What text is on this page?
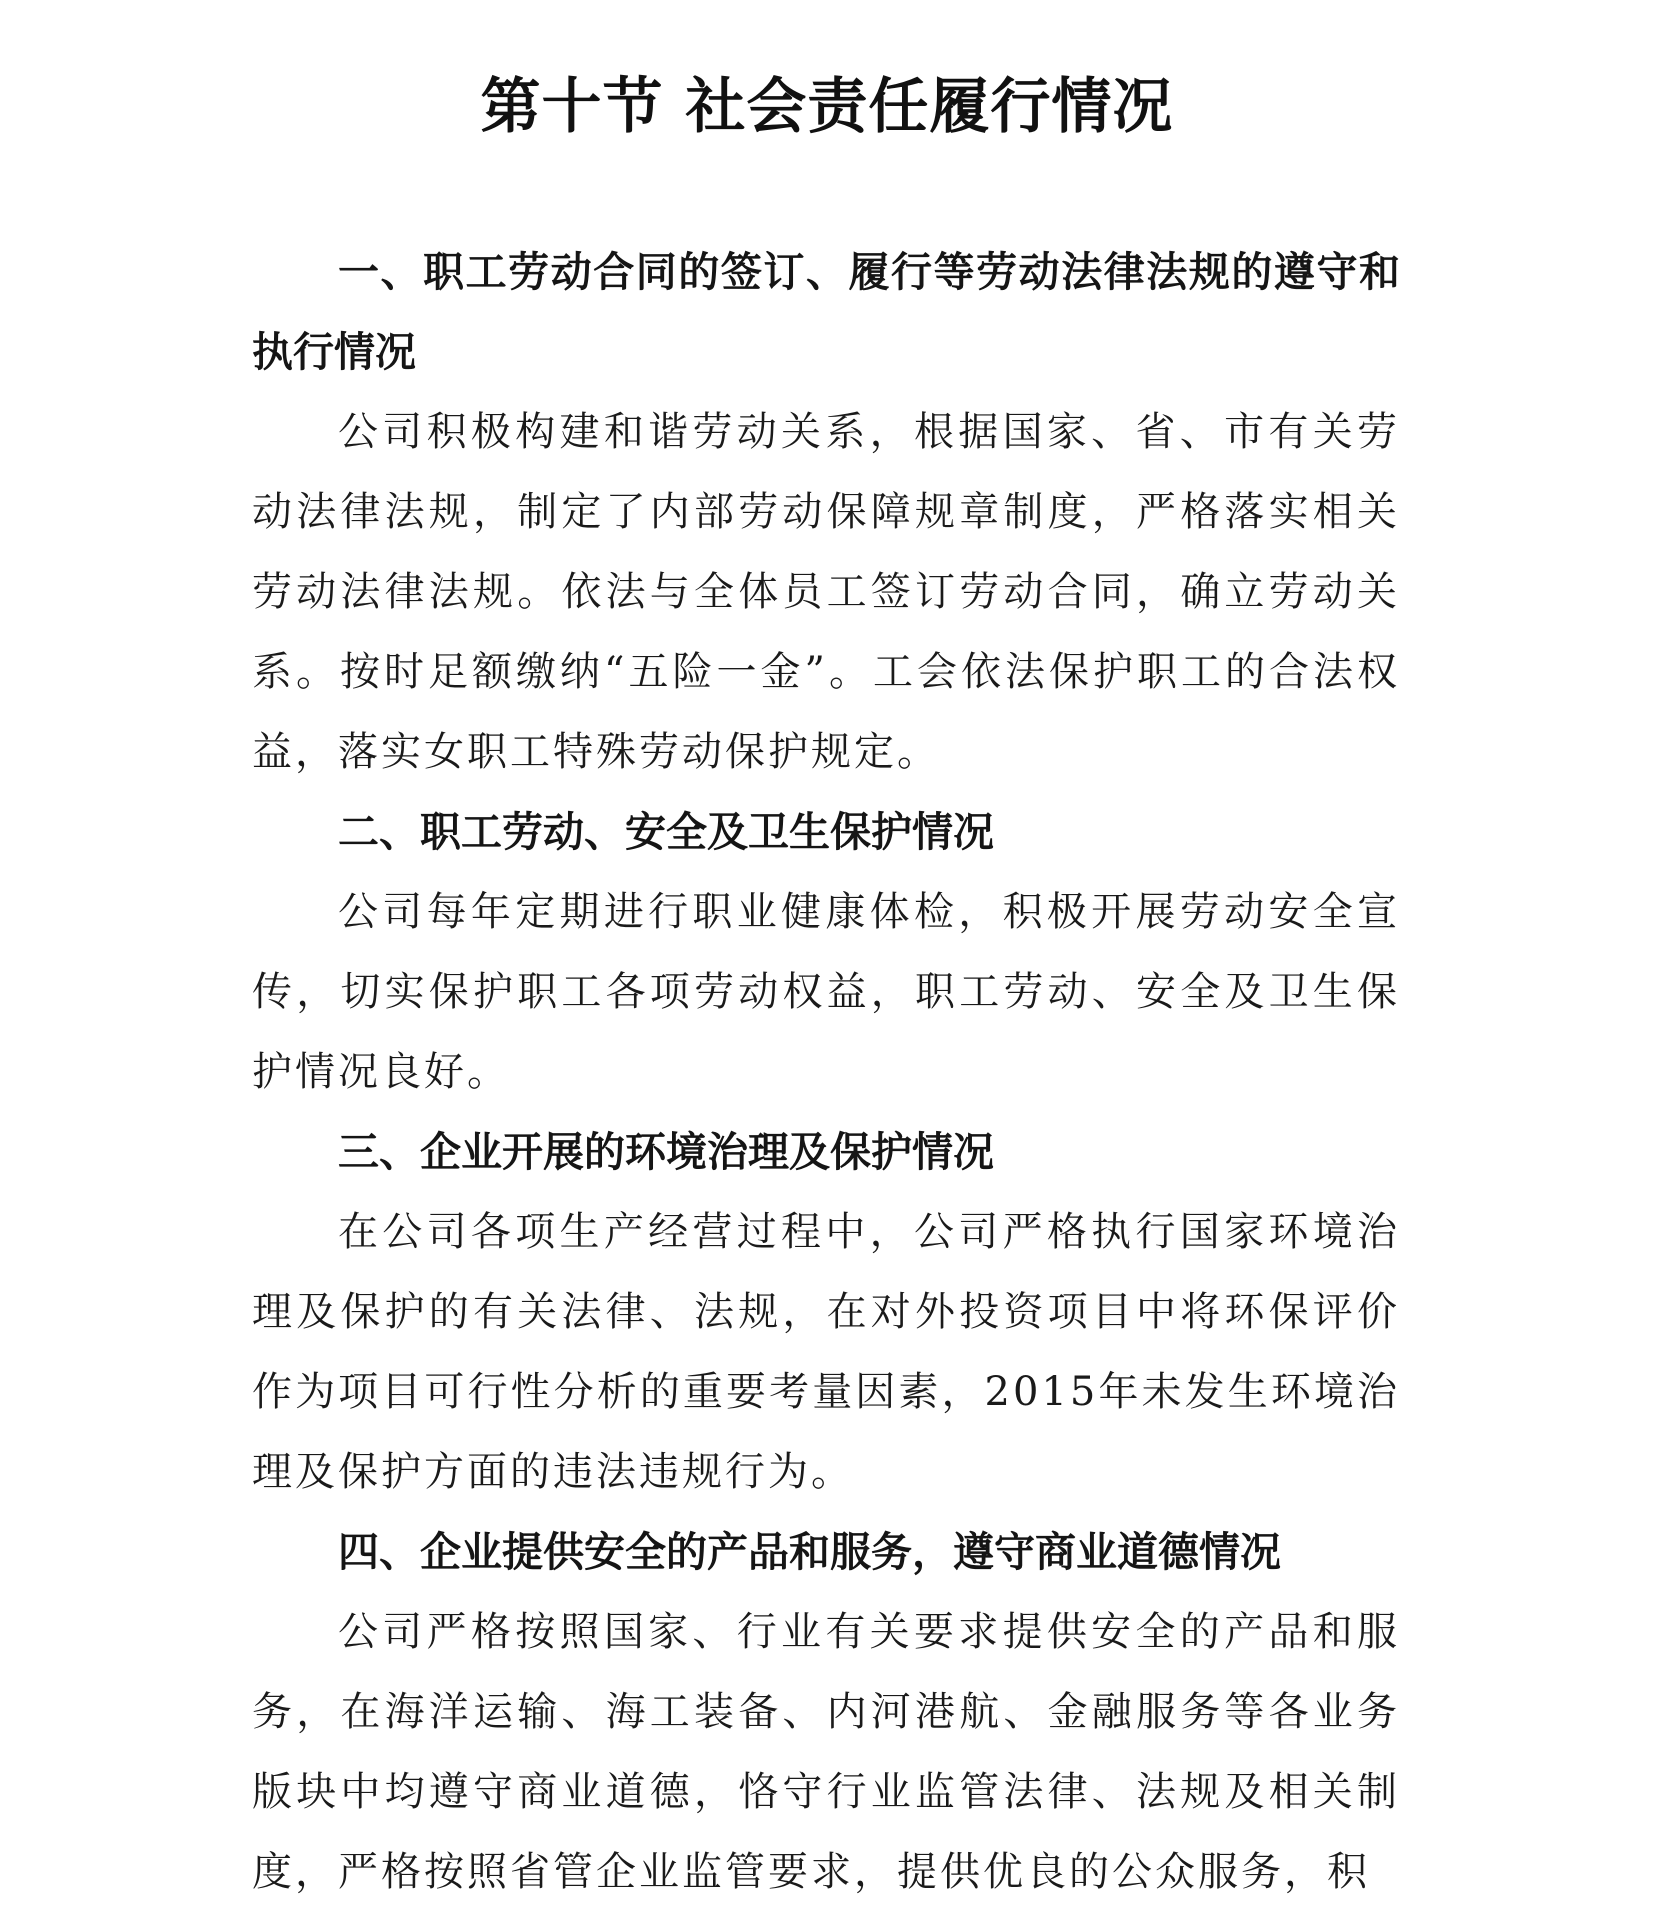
第十节 社会责任履行情况

一、职工劳动合同的签订、履行等劳动法律法规的遵守和执行情况

公司积极构建和谐劳动关系，根据国家、省、市有关劳动法律法规，制定了内部劳动保障规章制度，严格落实相关劳动法律法规。依法与全体员工签订劳动合同，确立劳动关系。按时足额缴纳“五险一金”。工会依法保护职工的合法权益，落实女职工特殊劳动保护规定。

二、职工劳动、安全及卫生保护情况

公司每年定期进行职业健康体检，积极开展劳动安全宣传，切实保护职工各项劳动权益，职工劳动、安全及卫生保护情况良好。

三、企业开展的环境治理及保护情况

在公司各项生产经营过程中，公司严格执行国家环境治理及保护的有关法律、法规，在对外投资项目中将环保评价作为项目可行性分析的重要考量因素，2015年未发生环境治理及保护方面的违法违规行为。

四、企业提供安全的产品和服务，遵守商业道德情况

公司严格按照国家、行业有关要求提供安全的产品和服务，在海洋运输、海工装备、内河港航、金融服务等各业务版块中均遵守商业道德，恪守行业监管法律、法规及相关制度，严格按照省管企业监管要求，提供优良的公众服务，积
